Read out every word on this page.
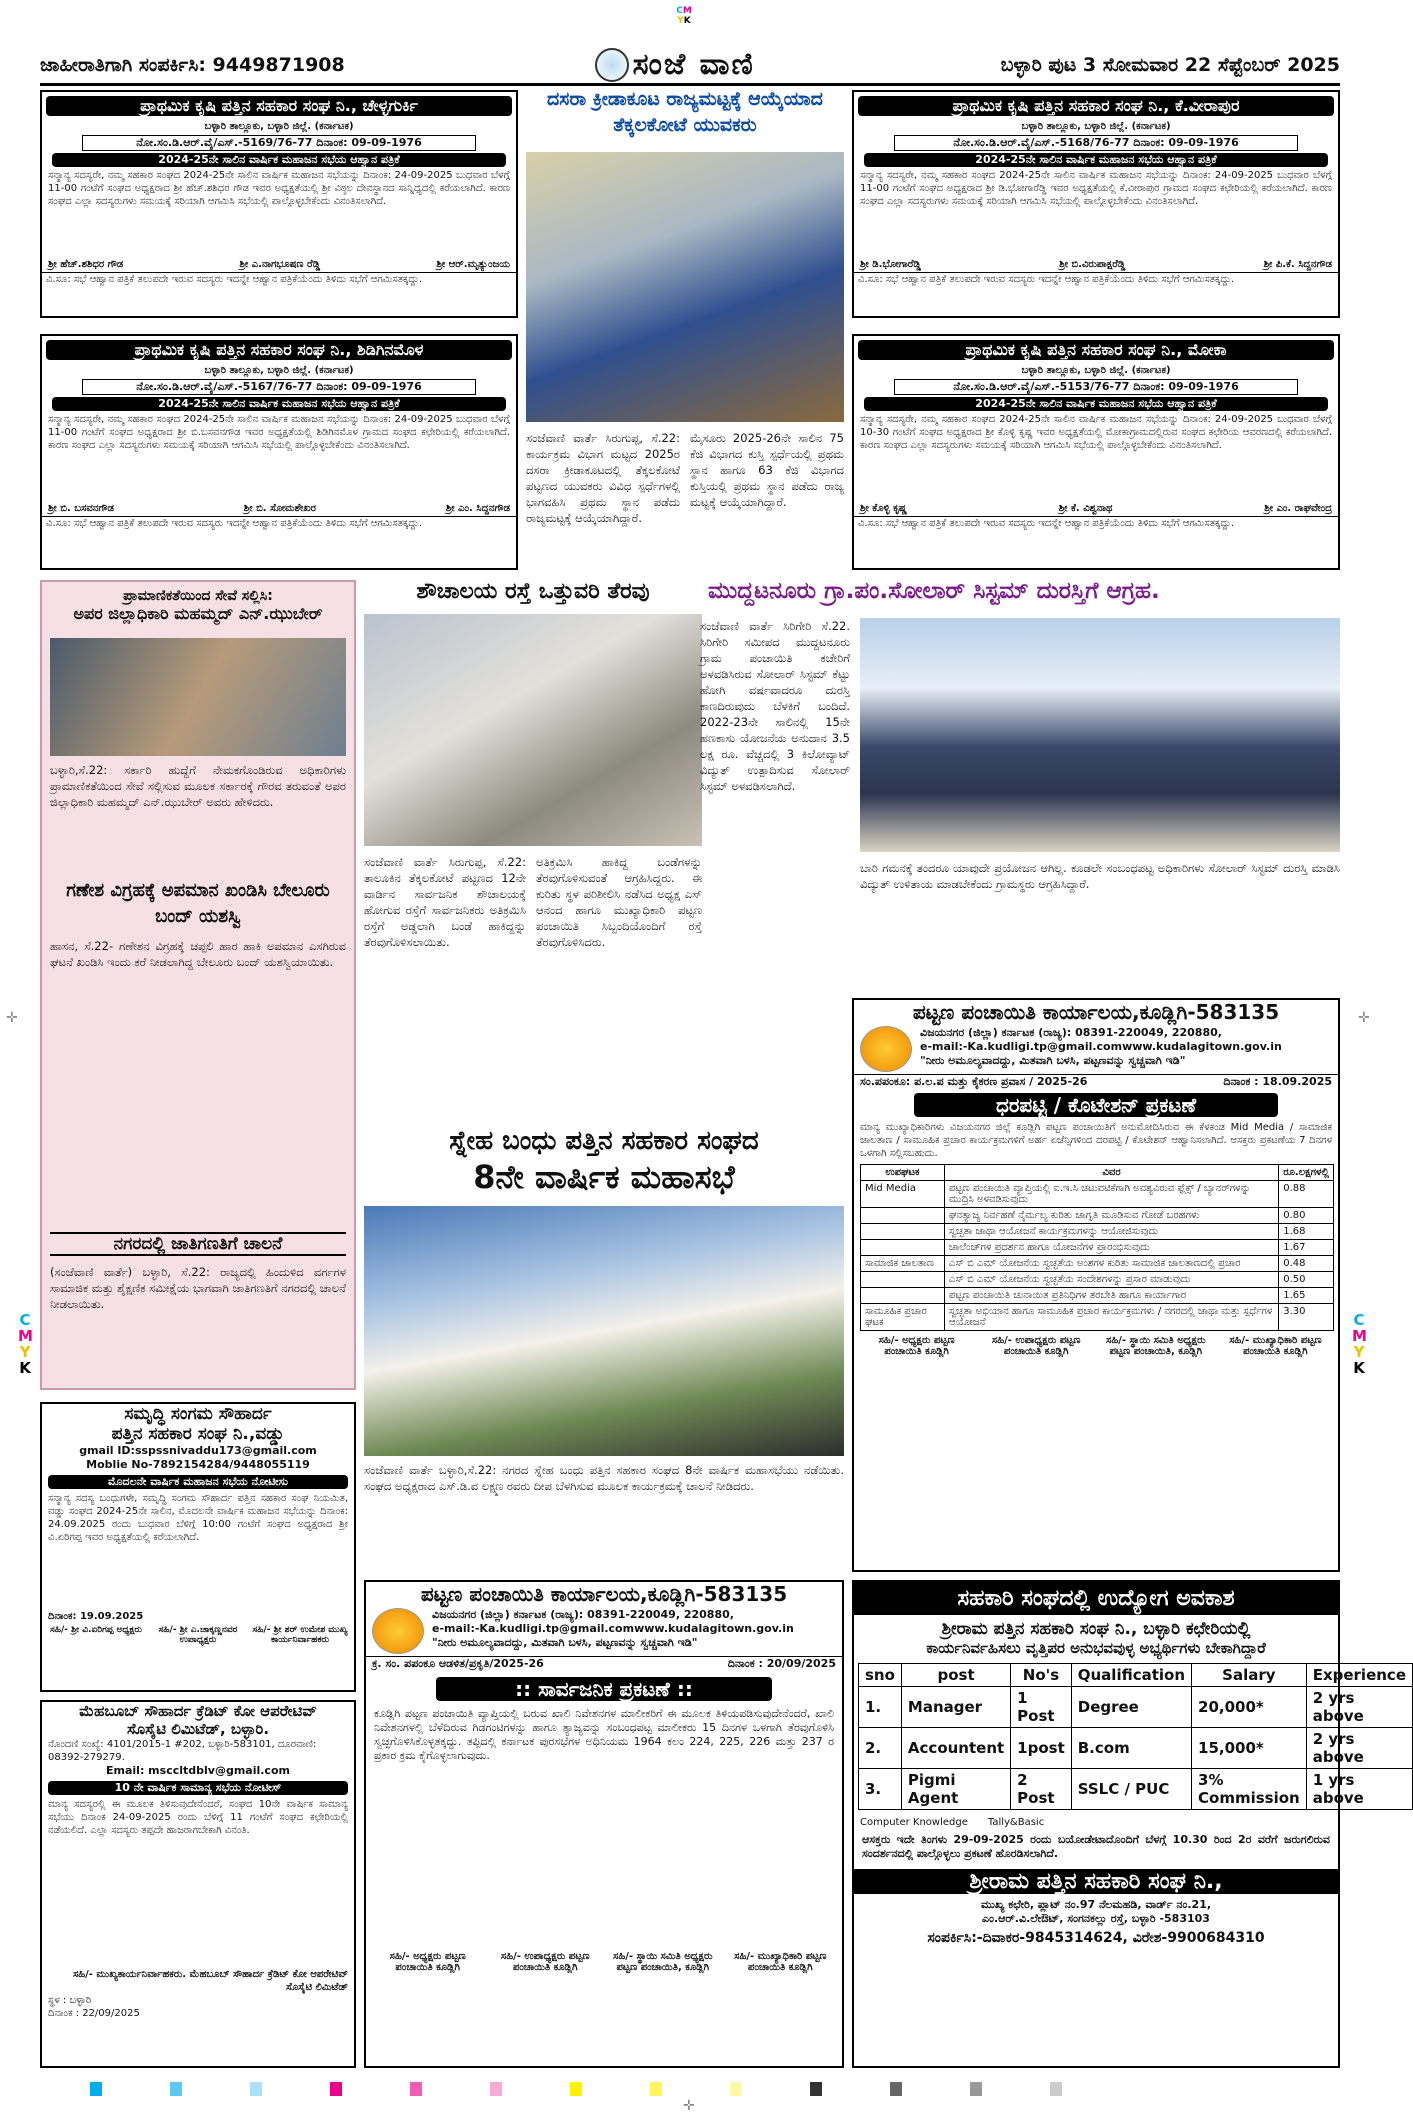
CM
YK
C
M
Y
K
C
M
Y
K
✛	✛
✛
ಜಾಹೀರಾತಿಗಾಗಿ ಸಂಪರ್ಕಿಸಿ: 9449871908	ಸಂಜೆ ವಾಣಿ	ಬಳ್ಳಾರಿ ಪುಟ 3 ಸೋಮವಾರ 22 ಸೆಪ್ಟೆಂಬರ್ 2025
ಪ್ರಾಥಮಿಕ ಕೃಷಿ ಪತ್ತಿನ ಸಹಕಾರ ಸಂಘ ನಿ., ಚೇಳ್ಳಗುರ್ಕಿ
ಬಳ್ಳಾರಿ ತಾಲ್ಲೂಕು, ಬಳ್ಳಾರಿ ಜಿಲ್ಲೆ. (ಕರ್ನಾಟಕ)
ನೋ.ಸಂ.ಡಿ.ಆರ್.ವೈ/ಎಸ್.-5169/76-77 ದಿನಾಂಕ: 09-09-1976
2024-25ನೇ ಸಾಲಿನ ವಾರ್ಷಿಕ ಮಹಾಜನ ಸಭೆಯ ಆಹ್ವಾನ ಪತ್ರಿಕೆ
ಸನ್ಮಾನ್ಯ ಸದಸ್ಯರೇ, ನಮ್ಮ ಸಹಕಾರ ಸಂಘದ 2024-25ನೇ ಸಾಲಿನ ವಾರ್ಷಿಕ ಮಹಾಜನ ಸಭೆಯನ್ನು ದಿನಾಂಕ: 24-09-2025 ಬುಧವಾರ ಬೆಳಗ್ಗೆ 11-00 ಗಂಟೆಗೆ ಸಂಘದ ಅಧ್ಯಕ್ಷರಾದ ಶ್ರೀ ಹೆಚ್.ಶಶಿಧರ ಗೌಡ ಇವರ ಅಧ್ಯಕ್ಷತೆಯಲ್ಲಿ ಶ್ರೀ ವಿಠ್ಠಲ ದೇವಸ್ಥಾನದ ಸಾನ್ನಿಧ್ಯದಲ್ಲಿ ಕರೆಯಲಾಗಿದೆ. ಕಾರಣ ಸಂಘದ ಎಲ್ಲಾ ಸದಸ್ಯರುಗಳು ಸಮಯಕ್ಕೆ ಸರಿಯಾಗಿ ಆಗಮಿಸಿ ಸಭೆಯಲ್ಲಿ ಪಾಲ್ಗೊಳ್ಳಬೇಕೆಂದು ವಿನಂತಿಸಲಾಗಿದೆ.
ಶ್ರೀ ಹೆಚ್.ಶಶಿಧರ ಗೌಡ	ಶ್ರೀ ಎ.ನಾಗಭೂಷಣ ರೆಡ್ಡಿ	ಶ್ರೀ ಆರ್.ಮೃತ್ಯುಂಜಯ
ವಿ.ಸೂ: ಸಭೆ ಆಹ್ವಾನ ಪತ್ರಿಕೆ ತಲುಪದೇ ಇರುವ ಸದಸ್ಯರು ಇದನ್ನೇ ಆಹ್ವಾನ ಪತ್ರಿಕೆಯೆಂದು ತಿಳಿದು ಸಭೆಗೆ ಆಗಮಿಸತಕ್ಕದ್ದು.
ಪ್ರಾಥಮಿಕ ಕೃಷಿ ಪತ್ತಿನ ಸಹಕಾರ ಸಂಘ ನಿ., ಕೆ.ವೀರಾಪುರ
ಬಳ್ಳಾರಿ ತಾಲ್ಲೂಕು, ಬಳ್ಳಾರಿ ಜಿಲ್ಲೆ. (ಕರ್ನಾಟಕ)
ನೋ.ಸಂ.ಡಿ.ಆರ್.ವೈ/ಎಸ್.-5168/76-77 ದಿನಾಂಕ: 09-09-1976
2024-25ನೇ ಸಾಲಿನ ವಾರ್ಷಿಕ ಮಹಾಜನ ಸಭೆಯ ಆಹ್ವಾನ ಪತ್ರಿಕೆ
ಸನ್ಮಾನ್ಯ ಸದಸ್ಯರೇ, ನಮ್ಮ ಸಹಕಾರ ಸಂಘದ 2024-25ನೇ ಸಾಲಿನ ವಾರ್ಷಿಕ ಮಹಾಜನ ಸಭೆಯನ್ನು ದಿನಾಂಕ: 24-09-2025 ಬುಧವಾರ ಬೆಳಗ್ಗೆ 11-00 ಗಂಟೆಗೆ ಸಂಘದ ಅಧ್ಯಕ್ಷರಾದ ಶ್ರೀ ಡಿ.ಭೋಗಾರೆಡ್ಡಿ ಇವರ ಅಧ್ಯಕ್ಷತೆಯಲ್ಲಿ ಕೆ.ವೀರಾಪುರ ಗ್ರಾಮದ ಸಂಘದ ಕಛೇರಿಯಲ್ಲಿ ಕರೆಯಲಾಗಿದೆ. ಕಾರಣ ಸಂಘದ ಎಲ್ಲಾ ಸದಸ್ಯರುಗಳು ಸಮಯಕ್ಕೆ ಸರಿಯಾಗಿ ಆಗಮಿಸಿ ಸಭೆಯಲ್ಲಿ ಪಾಲ್ಗೊಳ್ಳಬೇಕೆಂದು ವಿನಂತಿಸಲಾಗಿದೆ.
ಶ್ರೀ ಡಿ.ಭೋಗಾರೆಡ್ಡಿ	ಶ್ರೀ ಬಿ.ವಿರುಪಾಕ್ಷರೆಡ್ಡಿ	ಶ್ರೀ ಪಿ.ಕೆ. ಸಿದ್ದನಗೌಡ
ವಿ.ಸೂ: ಸಭೆ ಆಹ್ವಾನ ಪತ್ರಿಕೆ ತಲುಪದೇ ಇರುವ ಸದಸ್ಯರು ಇದನ್ನೇ ಆಹ್ವಾನ ಪತ್ರಿಕೆಯೆಂದು ತಿಳಿದು ಸಭೆಗೆ ಆಗಮಿಸತಕ್ಕದ್ದು.
ಪ್ರಾಥಮಿಕ ಕೃಷಿ ಪತ್ತಿನ ಸಹಕಾರ ಸಂಘ ನಿ., ಶಿಡಿಗಿನಮೊಳ
ಬಳ್ಳಾರಿ ತಾಲ್ಲೂಕು, ಬಳ್ಳಾರಿ ಜಿಲ್ಲೆ. (ಕರ್ನಾಟಕ)
ನೋ.ಸಂ.ಡಿ.ಆರ್.ವೈ/ಎಸ್.-5167/76-77 ದಿನಾಂಕ: 09-09-1976
2024-25ನೇ ಸಾಲಿನ ವಾರ್ಷಿಕ ಮಹಾಜನ ಸಭೆಯ ಆಹ್ವಾನ ಪತ್ರಿಕೆ
ಸನ್ಮಾನ್ಯ ಸದಸ್ಯರೇ, ನಮ್ಮ ಸಹಕಾರ ಸಂಘದ 2024-25ನೇ ಸಾಲಿನ ವಾರ್ಷಿಕ ಮಹಾಜನ ಸಭೆಯನ್ನು ದಿನಾಂಕ: 24-09-2025 ಬುಧವಾರ ಬೆಳಗ್ಗೆ 11-00 ಗಂಟೆಗೆ ಸಂಘದ ಅಧ್ಯಕ್ಷರಾದ ಶ್ರೀ ಬಿ.ಬಸವನಗೌಡ ಇವರ ಅಧ್ಯಕ್ಷತೆಯಲ್ಲಿ ಶಿಡಿಗಿನಮೊಳ ಗ್ರಾಮದ ಸಂಘದ ಕಛೇರಿಯಲ್ಲಿ ಕರೆಯಲಾಗಿದೆ. ಕಾರಣ ಸಂಘದ ಎಲ್ಲಾ ಸದಸ್ಯರುಗಳು ಸಮಯಕ್ಕೆ ಸರಿಯಾಗಿ ಆಗಮಿಸಿ ಸಭೆಯಲ್ಲಿ ಪಾಲ್ಗೊಳ್ಳಬೇಕೆಂದು ವಿನಂತಿಸಲಾಗಿದೆ.
ಶ್ರೀ ಬಿ. ಬಸವನಗೌಡ	ಶ್ರೀ ಬಿ. ಸೋಮಶೇಖರ	ಶ್ರೀ ಎಂ. ಸಿದ್ದನಗೌಡ
ವಿ.ಸೂ: ಸಭೆ ಆಹ್ವಾನ ಪತ್ರಿಕೆ ತಲುಪದೇ ಇರುವ ಸದಸ್ಯರು ಇದನ್ನೇ ಆಹ್ವಾನ ಪತ್ರಿಕೆಯೆಂದು ತಿಳಿದು ಸಭೆಗೆ ಆಗಮಿಸತಕ್ಕದ್ದು.
ಪ್ರಾಥಮಿಕ ಕೃಷಿ ಪತ್ತಿನ ಸಹಕಾರ ಸಂಘ ನಿ., ಮೋಕಾ
ಬಳ್ಳಾರಿ ತಾಲ್ಲೂಕು, ಬಳ್ಳಾರಿ ಜಿಲ್ಲೆ. (ಕರ್ನಾಟಕ)
ನೋ.ಸಂ.ಡಿ.ಆರ್.ವೈ/ಎಸ್.-5153/76-77 ದಿನಾಂಕ: 09-09-1976
2024-25ನೇ ಸಾಲಿನ ವಾರ್ಷಿಕ ಮಹಾಜನ ಸಭೆಯ ಆಹ್ವಾನ ಪತ್ರಿಕೆ
ಸನ್ಮಾನ್ಯ ಸದಸ್ಯರೇ, ನಮ್ಮ ಸಹಕಾರ ಸಂಘದ 2024-25ನೇ ಸಾಲಿನ ವಾರ್ಷಿಕ ಮಹಾಜನ ಸಭೆಯನ್ನು ದಿನಾಂಕ: 24-09-2025 ಬುಧವಾರ ಬೆಳಗ್ಗೆ 10-30 ಗಂಟೆಗೆ ಸಂಘದ ಅಧ್ಯಕ್ಷರಾದ ಶ್ರೀ ಕೊಳ್ಳಿ ಕೃಷ್ಣ ಇವರ ಅಧ್ಯಕ್ಷತೆಯಲ್ಲಿ ಮೋಕಾಗ್ರಾಮದಲ್ಲಿರುವ ಸಂಘದ ಕಛೇರಿಯ ಆವರಣದಲ್ಲಿ ಕರೆಯಲಾಗಿದೆ. ಕಾರಣ ಸಂಘದ ಎಲ್ಲಾ ಸದಸ್ಯರುಗಳು ಸಮಯಕ್ಕೆ ಸರಿಯಾಗಿ ಆಗಮಿಸಿ ಸಭೆಯಲ್ಲಿ ಪಾಲ್ಗೊಳ್ಳಬೇಕೆಂದು ವಿನಂತಿಸಲಾಗಿದೆ.
ಶ್ರೀ ಕೊಳ್ಳಿ ಕೃಷ್ಣ	ಶ್ರೀ ಕೆ. ವಿಶ್ವನಾಥ	ಶ್ರೀ ಎಂ. ರಾಘವೇಂದ್ರ
ವಿ.ಸೂ: ಸಭೆ ಆಹ್ವಾನ ಪತ್ರಿಕೆ ತಲುಪದೇ ಇರುವ ಸದಸ್ಯರು ಇದನ್ನೇ ಆಹ್ವಾನ ಪತ್ರಿಕೆಯೆಂದು ತಿಳಿದು ಸಭೆಗೆ ಆಗಮಿಸತಕ್ಕದ್ದು.
ದಸರಾ ಕ್ರೀಡಾಕೂಟ ರಾಜ್ಯಮಟ್ಟಕ್ಕೆ ಆಯ್ಕೆಯಾದ ತೆಕ್ಕಲಕೋಟೆ ಯುವಕರು
ಸಂಜೆವಾಣಿ ವಾರ್ತೆ ಸಿರುಗುಪ್ಪ, ಸೆ.22: ಕಾರ್ಯಕ್ರಮ ವಿಭಾಗ ಮಟ್ಟದ 2025ರ ದಸರಾ ಕ್ರೀಡಾಕೂಟದಲ್ಲಿ ತೆಕ್ಕಲಕೋಟೆ ಪಟ್ಟಣದ ಯುವಕರು ವಿವಿಧ ಸ್ಪರ್ಧೆಗಳಲ್ಲಿ ಭಾಗವಹಿಸಿ ಪ್ರಥಮ ಸ್ಥಾನ ಪಡೆದು ರಾಜ್ಯಮಟ್ಟಕ್ಕೆ ಆಯ್ಕೆಯಾಗಿದ್ದಾರೆ.
ಮೈಸೂರು 2025-26ನೇ ಸಾಲಿನ 75 ಕೆಜಿ ವಿಭಾಗದ ಕುಸ್ತಿ ಸ್ಪರ್ಧೆಯಲ್ಲಿ ಪ್ರಥಮ ಸ್ಥಾನ ಹಾಗೂ 63 ಕೆಜಿ ವಿಭಾಗದ ಕುಸ್ತಿಯಲ್ಲಿ ಪ್ರಥಮ ಸ್ಥಾನ ಪಡೆದು ರಾಜ್ಯ ಮಟ್ಟಕ್ಕೆ ಆಯ್ಕೆಯಾಗಿದ್ದಾರೆ.
ಪ್ರಾಮಾಣಿಕತೆಯಿಂದ ಸೇವೆ ಸಲ್ಲಿಸಿ:
ಅಪರ ಜಿಲ್ಲಾಧಿಕಾರಿ ಮಹಮ್ಮದ್ ಎನ್.ಝುಬೇರ್
ಬಳ್ಳಾರಿ,ಸೆ.22: ಸರ್ಕಾರಿ ಹುದ್ದೆಗೆ ನೇಮಕಗೊಂಡಿರುವ ಅಧಿಕಾರಿಗಳು ಪ್ರಾಮಾಣಿಕತೆಯಿಂದ ಸೇವೆ ಸಲ್ಲಿಸುವ ಮೂಲಕ ಸರ್ಕಾರಕ್ಕೆ ಗೌರವ ತರುವಂತೆ ಅಪರ ಜಿಲ್ಲಾಧಿಕಾರಿ ಮಹಮ್ಮದ್ ಎನ್.ಝುಬೇರ್ ಅವರು ಹೇಳಿದರು.
ಗಣೇಶ ವಿಗ್ರಹಕ್ಕೆ ಅಪಮಾನ ಖಂಡಿಸಿ ಬೇಲೂರು ಬಂದ್ ಯಶಸ್ವಿ
ಹಾಸನ, ಸೆ.22- ಗಣೇಶನ ವಿಗ್ರಹಕ್ಕೆ ಚಪ್ಪಲಿ ಹಾರ ಹಾಕಿ ಅಪಮಾನ ಎಸಗಿರುವ ಘಟನೆ ಖಂಡಿಸಿ ಇಂದು ಕರೆ ನೀಡಲಾಗಿದ್ದ ಬೇಲೂರು ಬಂದ್ ಯಶಸ್ವಿಯಾಯಿತು.
ನಗರದಲ್ಲಿ ಜಾತಿಗಣತಿಗೆ ಚಾಲನೆ
(ಸಂಜೆವಾಣಿ ವಾರ್ತೆ) ಬಳ್ಳಾರಿ, ಸೆ.22: ರಾಜ್ಯದಲ್ಲಿ ಹಿಂದುಳಿದ ವರ್ಗಗಳ ಸಾಮಾಜಿಕ ಮತ್ತು ಶೈಕ್ಷಣಿಕ ಸಮೀಕ್ಷೆಯ ಭಾಗವಾಗಿ ಜಾತಿಗಣತಿಗೆ ನಗರದಲ್ಲಿ ಚಾಲನೆ ನೀಡಲಾಯಿತು.
ಶೌಚಾಲಯ ರಸ್ತೆ ಒತ್ತುವರಿ ತೆರವು
ಸಂಜೆವಾಣಿ ವಾರ್ತೆ ಸಿರುಗುಪ್ಪ, ಸೆ.22: ತಾಲೂಕಿನ ತೆಕ್ಕಲಕೋಟೆ ಪಟ್ಟಣದ 12ನೇ ವಾರ್ಡಿನ ಸಾರ್ವಜನಿಕ ಶೌಚಾಲಯಕ್ಕೆ ಹೋಗುವ ರಸ್ತೆಗೆ ಸಾರ್ವಜನಿಕರು ಅತಿಕ್ರಮಿಸಿ ರಸ್ತೆಗೆ ಅಡ್ಡಲಾಗಿ ಬಂಡೆ ಹಾಕಿದ್ದನ್ನು ತೆರವುಗೊಳಿಸಲಾಯಿತು.
ಅತಿಕ್ರಮಿಸಿ ಹಾಕಿದ್ದ ಬಂಡೆಗಳನ್ನು ತೆರವುಗೊಳಿಸುವಂತೆ ಆಗ್ರಹಿಸಿದ್ದರು. ಈ ಕುರಿತು ಸ್ಥಳ ಪರಿಶೀಲಿಸಿ ನಡೆಸಿದ ಅಧ್ಯಕ್ಷ ಎಸ್ ಆನಂದ ಹಾಗೂ ಮುಖ್ಯಾಧಿಕಾರಿ ಪಟ್ಟಣ ಪಂಚಾಯಿತಿ ಸಿಬ್ಬಂದಿಯೊಂದಿಗೆ ರಸ್ತೆ ತೆರವುಗೊಳಿಸಿದರು.
ಮುದ್ದಟನೂರು ಗ್ರಾ.ಪಂ.ಸೋಲಾರ್ ಸಿಸ್ಟಮ್ ದುರಸ್ತಿಗೆ ಆಗ್ರಹ.
ಸಂಜೆವಾಣಿ ವಾರ್ತೆ ಸಿರಿಗೇರಿ ಸೆ.22. ಸಿರಿಗೇರಿ ಸಮೀಪದ ಮುದ್ದಟನೂರು ಗ್ರಾಮ ಪಂಚಾಯಿತಿ ಕಚೇರಿಗೆ ಅಳವಡಿಸಿರುವ ಸೋಲಾರ್ ಸಿಸ್ಟಮ್ ಕೆಟ್ಟು ಹೋಗಿ ವರ್ಷವಾದರೂ ದುರಸ್ತಿ ಕಾಣದಿರುವುದು ಬೆಳಕಿಗೆ ಬಂದಿದೆ. 2022-23ನೇ ಸಾಲಿನಲ್ಲಿ 15ನೇ ಹಣಕಾಸು ಯೋಜನೆಯ ಅನುದಾನ 3.5 ಲಕ್ಷ ರೂ. ವೆಚ್ಚದಲ್ಲಿ 3 ಕಿಲೋವ್ಯಾಟ್ ವಿದ್ಯುತ್ ಉತ್ಪಾದಿಸುವ ಸೋಲಾರ್ ಸಿಸ್ಟಮ್ ಅಳವಡಿಸಲಾಗಿದೆ.
ಬಾರಿ ಗಮನಕ್ಕೆ ತಂದರೂ ಯಾವುದೇ ಪ್ರಯೋಜನ ಆಗಿಲ್ಲ. ಕೂಡಲೇ ಸಂಬಂಧಪಟ್ಟ ಅಧಿಕಾರಿಗಳು ಸೋಲಾರ್ ಸಿಸ್ಟಮ್ ದುರಸ್ತಿ ಮಾಡಿಸಿ ವಿದ್ಯುತ್ ಉಳಿತಾಯ ಮಾಡಬೇಕೆಂದು ಗ್ರಾಮಸ್ಥರು ಆಗ್ರಹಿಸಿದ್ದಾರೆ.
ಪಟ್ಟಣ ಪಂಚಾಯಿತಿ ಕಾರ್ಯಾಲಯ,ಕೂಡ್ಲಿಗಿ-583135
ವಿಜಯನಗರ (ಜಿಲ್ಲಾ) ಕರ್ನಾಟಕ (ರಾಜ್ಯ): 08391-220049, 220880,
e-mail:-Ka.kudligi.tp@gmail.comwww.kudalagitown.gov.in
"ನೀರು ಅಮೂಲ್ಯವಾದದ್ದು, ಮಿತವಾಗಿ ಬಳಸಿ, ಪಟ್ಟಣವನ್ನು ಸ್ವಚ್ಚವಾಗಿ ಇಡಿ"
ಸಂ.ಪಪಂಕೂ: ಪ.ಲ.ಪ ಮತ್ತು ಕೈಕರಣ ಪ್ರವಾಸ / 2025-26	ದಿನಾಂಕ : 18.09.2025
ಧರಪಟ್ಟಿ / ಕೊಟೇಶನ್ ಪ್ರಕಟಣೆ
ಮಾನ್ಯ ಮುಖ್ಯಾಧಿಕಾರಿಗಳು ವಿಜಯನಗರ ಜಿಲ್ಲೆ ಕೂಡ್ಲಿಗಿ ಪಟ್ಟಣ ಪಂಚಾಯಿತಿಗೆ ಅನುಮೋದಿಸಿರುವ ಈ ಕೆಳಕಂಡ Mid Media / ಸಾಮಾಜಿಕ ಜಾಲತಾಣ / ಸಾಮೂಹಿಕ ಪ್ರಚಾರ ಕಾರ್ಯಕ್ರಮಗಳಿಗೆ ಅರ್ಹ ಏಜೆನ್ಸಿಗಳಿಂದ ದರಪಟ್ಟಿ / ಕೊಟೇಶನ್ ಆಹ್ವಾನಿಸಲಾಗಿದೆ. ಆಸಕ್ತರು ಪ್ರಕಟಣೆಯ 7 ದಿನಗಳ ಒಳಗಾಗಿ ಸಲ್ಲಿಸಬಹುದು.
ಉಪಘಟಕ	ವಿವರ	ರೂ.ಲಕ್ಷಗಳಲ್ಲಿ
Mid Media	ಪಟ್ಟಣ ಪಂಚಾಯಿತಿ ವ್ಯಾಪ್ತಿಯಲ್ಲಿ ಐ.ಇ.ಸಿ ಚಟುವಟಿಕೆಗಾಗಿ ಅವಶ್ಯವಿರುವ ಫ್ಲೆಕ್ಸ್ / ಬ್ಯಾನರ್‌ಗಳನ್ನು ಮುದ್ರಿಸಿ ಅಳವಡಿಸುವುದು	0.88
	ಘನತ್ಯಾಜ್ಯ ನಿರ್ವಹಣೆ ನೈರ್ಮಲ್ಯ ಕುರಿತು ಜಾಗೃತಿ ಮೂಡಿಸುವ ಗೋಡೆ ಬರಹಗಳು	0.80
	ಸ್ವಚ್ಛತಾ ಜಾಥಾ ಆಯೋಜನೆ ಕಾರ್ಯಕ್ರಮಗಳನ್ನು ಆಯೋಜಿಸುವುದು	1.68
	ಚಾಲೆಂಜ್‌ಗಳ ಪ್ರದರ್ಶನ ಹಾಗೂ ಯೋಜನೆಗಳ ಪ್ರಾರಂಭಿಸುವುದು	1.67
ಸಾಮಾಜಿಕ ಜಾಲತಾಣ	ಎಸ್ ಬಿ ಎಮ್ ಯೋಜನೆಯ ಸ್ವಚ್ಛತೆಯ ಅಂಶಗಳ ಕುರಿತು ಸಾಮಾಜಿಕ ಜಾಲತಾಣದಲ್ಲಿ ಪ್ರಚಾರ	0.48
	ಎಸ್ ಬಿ ಎಮ್ ಯೋಜನೆಯ ಸ್ವಚ್ಛತೆಯ ಸಂದೇಶಗಳನ್ನು ಪ್ರಸಾರ ಮಾಡುವುದು	0.50
	ಪಟ್ಟಣ ಪಂಚಾಯಿತಿ ಚುನಾಯಿತ ಪ್ರತಿನಿಧಿಗಳ ತರಬೇತಿ ಹಾಗೂ ಕಾರ್ಯಾಗಾರ	1.65
ಸಾಮೂಹಿಕ ಪ್ರಚಾರ ಘಟಕ	ಸ್ವಚ್ಛತಾ ಅಭಿಯಾನ ಹಾಗೂ ಸಾಮೂಹಿಕ ಪ್ರಚಾರ ಕಾರ್ಯಕ್ರಮಗಳು / ನಗರದಲ್ಲಿ ಜಾಥಾ ಮತ್ತು ಸ್ಪರ್ಧೆಗಳ ಆಯೋಜನೆ	3.30
ಸಹಿ/- ಅಧ್ಯಕ್ಷರು ಪಟ್ಟಣ ಪಂಚಾಯಿತಿ ಕೂಡ್ಲಿಗಿ
ಸಹಿ/- ಉಪಾಧ್ಯಕ್ಷರು ಪಟ್ಟಣ ಪಂಚಾಯಿತಿ ಕೂಡ್ಲಿಗಿ
ಸಹಿ/- ಸ್ಥಾಯಿ ಸಮಿತಿ ಅಧ್ಯಕ್ಷರು ಪಟ್ಟಣ ಪಂಚಾಯಿತಿ, ಕೂಡ್ಲಿಗಿ
ಸಹಿ/- ಮುಖ್ಯಾಧಿಕಾರಿ ಪಟ್ಟಣ ಪಂಚಾಯಿತಿ ಕೂಡ್ಲಿಗಿ
ಸ್ನೇಹ ಬಂಧು ಪತ್ತಿನ ಸಹಕಾರ ಸಂಘದ
8ನೇ ವಾರ್ಷಿಕ ಮಹಾಸಭೆ
ಸಂಜೆವಾಣಿ ವಾರ್ತೆ ಬಳ್ಳಾರಿ,ಸೆ.22: ನಗರದ ಸ್ನೇಹ ಬಂಧು ಪತ್ತಿನ ಸಹಕಾರ ಸಂಘದ 8ನೇ ವಾರ್ಷಿಕ ಮಹಾಸಭೆಯು ನಡೆಯಿತು. ಸಂಘದ ಅಧ್ಯಕ್ಷರಾದ ಎಸ್.ಡಿ.ವ ಲಕ್ಷ್ಮಣ ರವರು ದೀಪ ಬೆಳಗಿಸುವ ಮೂಲಕ ಕಾರ್ಯಕ್ರಮಕ್ಕೆ ಚಾಲನೆ ನೀಡಿದರು.
ಸಮೃದ್ಧಿ ಸಂಗಮ ಸೌಹಾರ್ದ
ಪತ್ತಿನ ಸಹಕಾರ ಸಂಘ ನಿ.,ವಡ್ಡು
gmail ID:sspssnivaddu173@gmail.com
Moblie No-7892154284/9448055119
ಮೊದಲನೇ ವಾರ್ಷಿಕ ಮಹಾಜನ ಸಭೆಯ ನೋಟೀಸು
ಸನ್ಮಾನ್ಯ ಸದಸ್ಯ ಬಂಧುಗಳೇ, ಸಮೃದ್ಧಿ ಸಂಗಮ ಸೌಹಾರ್ದ ಪತ್ತಿನ ಸಹಕಾರ ಸಂಘ ನಿಯಮಿತ, ವಡ್ಡು ಸಂಘದ 2024-25ನೇ ಸಾಲಿನ, ಮೊದಲನೇ ವಾರ್ಷಿಕ ಮಹಾಜನ ಸಭೆಯನ್ನು ದಿನಾಂಕ: 24.09.2025 ರಂದು ಬುಧವಾರ ಬೆಳಿಗ್ಗೆ 10:00 ಗಂಟೆಗೆ ಸಂಘದ ಅಧ್ಯಕ್ಷರಾದ ಶ್ರೀ ವಿ.ಏರಿಗಪ್ಪ ಇವರ ಅಧ್ಯಕ್ಷತೆಯಲ್ಲಿ ಕರೆಯಲಾಗಿದೆ.
ದಿನಾಂಕ: 19.09.2025
ಸಹಿ/- ಶ್ರೀ ವಿ.ಏರಿಗಪ್ಪ ಅಧ್ಯಕ್ಷರು	ಸಹಿ/- ಶ್ರೀ ಎ.ಚಾಕ್ಕಣ್ಣನವರ ಉಪಾಧ್ಯಕ್ಷರು
ಸಹಿ/- ಶ್ರೀ ಶರ್ ಉಮೇಶ ಮುಖ್ಯ ಕಾರ್ಯನಿರ್ವಾಹಕರು
ಮೆಹಬೂಬ್ ಸೌಹಾರ್ದ ಕ್ರೆಡಿಟ್ ಕೋ ಆಪರೇಟಿವ್
ಸೊಸೈಟಿ ಲಿಮಿಟೆಡ್, ಬಳ್ಳಾರಿ.
ನೊಂದಣಿ ಸಂಖ್ಯೆ: 4101/2015-1 #202, ಬಳ್ಳಾರಿ-583101, ದೂರವಾಣಿ: 08392-279279.
Email: msccltdblv@gmail.com
10 ನೇ ವಾರ್ಷಿಕ ಸಾಮಾನ್ಯ ಸಭೆಯ ನೋಟೀಸ್
ಮಾನ್ಯ ಸದಸ್ಯರಲ್ಲಿ ಈ ಮೂಲಕ ತಿಳಿಸುವುದೇನೆಂದರೆ, ಸಂಘದ 10ನೇ ವಾರ್ಷಿಕ ಸಾಮಾನ್ಯ ಸಭೆಯು ದಿನಾಂಕ 24-09-2025 ರಂದು ಬೆಳಿಗ್ಗೆ 11 ಗಂಟೆಗೆ ಸಂಘದ ಕಛೇರಿಯಲ್ಲಿ ನಡೆಯಲಿದೆ. ಎಲ್ಲಾ ಸದಸ್ಯರು ತಪ್ಪದೇ ಹಾಜರಾಗಬೇಕಾಗಿ ವಿನಂತಿ.
ಸಹಿ/- ಮುಖ್ಯಕಾರ್ಯನಿರ್ವಾಹಕರು. ಮೆಹಬೂಬ್ ಸೌಹಾರ್ದ ಕ್ರೆಡಿಟ್ ಕೋ ಆಪರೇಟಿವ್ ಸೊಸೈಟಿ ಲಿಮಿಟೆಡ್
ಸ್ಥಳ : ಬಳ್ಳಾರಿ
ದಿನಾಂಕ : 22/09/2025
ಪಟ್ಟಣ ಪಂಚಾಯಿತಿ ಕಾರ್ಯಾಲಯ,ಕೂಡ್ಲಿಗಿ-583135
ವಿಜಯನಗರ (ಜಿಲ್ಲಾ) ಕರ್ನಾಟಕ (ರಾಜ್ಯ): 08391-220049, 220880,
e-mail:-Ka.kudligi.tp@gmail.comwww.kudalagitown.gov.in
"ನೀರು ಅಮೂಲ್ಯವಾದದ್ದು, ಮಿತವಾಗಿ ಬಳಸಿ, ಪಟ್ಟಣವನ್ನು ಸ್ವಚ್ಚವಾಗಿ ಇಡಿ"
ಕ್ರ. ಸಂ. ಪಪಂಕೂ ಆಡಳಿತ/ಪ್ರಕೃತಿ/2025-26	ದಿನಾಂಕ : 20/09/2025
:: ಸಾರ್ವಜನಿಕ ಪ್ರಕಟಣೆ ::
ಕೂಡ್ಲಿಗಿ ಪಟ್ಟಣ ಪಂಚಾಯಿತಿ ವ್ಯಾಪ್ತಿಯಲ್ಲಿ ಬರುವ ಖಾಲಿ ನಿವೇಶನಗಳ ಮಾಲೀಕರಿಗೆ ಈ ಮೂಲಕ ತಿಳಿಯಪಡಿಸುವುದೇನೆಂದರೆ, ಖಾಲಿ ನಿವೇಶನಗಳಲ್ಲಿ ಬೆಳೆದಿರುವ ಗಿಡಗಂಟಿಗಳನ್ನು ಹಾಗೂ ತ್ಯಾಜ್ಯವನ್ನು ಸಂಬಂಧಪಟ್ಟ ಮಾಲೀಕರು 15 ದಿನಗಳ ಒಳಗಾಗಿ ತೆರವುಗೊಳಿಸಿ ಸ್ವಚ್ಛಗೊಳಿಸಿಕೊಳ್ಳತಕ್ಕದ್ದು. ತಪ್ಪಿದಲ್ಲಿ ಕರ್ನಾಟಕ ಪುರಸಭೆಗಳ ಅಧಿನಿಯಮ 1964 ಕಲಂ 224, 225, 226 ಮತ್ತು 237 ರ ಪ್ರಕಾರ ಕ್ರಮ ಕೈಗೊಳ್ಳಲಾಗುವುದು.
ಸಹಿ/- ಅಧ್ಯಕ್ಷರು ಪಟ್ಟಣ ಪಂಚಾಯಿತಿ ಕೂಡ್ಲಿಗಿ
ಸಹಿ/- ಉಪಾಧ್ಯಕ್ಷರು ಪಟ್ಟಣ ಪಂಚಾಯಿತಿ ಕೂಡ್ಲಿಗಿ
ಸಹಿ/- ಸ್ಥಾಯಿ ಸಮಿತಿ ಅಧ್ಯಕ್ಷರು ಪಟ್ಟಣ ಪಂಚಾಯಿತಿ, ಕೂಡ್ಲಿಗಿ
ಸಹಿ/- ಮುಖ್ಯಾಧಿಕಾರಿ ಪಟ್ಟಣ ಪಂಚಾಯಿತಿ ಕೂಡ್ಲಿಗಿ
ಸಹಕಾರಿ ಸಂಘದಲ್ಲಿ ಉದ್ಯೋಗ ಅವಕಾಶ
ಶ್ರೀರಾಮ ಪತ್ತಿನ ಸಹಕಾರಿ ಸಂಘ ನಿ., ಬಳ್ಳಾರಿ ಕಛೇರಿಯಲ್ಲಿ
ಕಾರ್ಯನಿರ್ವಹಿಸಲು ವೃತ್ತಿಪರ ಅನುಭವವುಳ್ಳ ಅಭ್ಯರ್ಥಿಗಳು ಬೇಕಾಗಿದ್ದಾರೆ
sno	post	No's	Qualification	Salary	Experience
1.	Manager	1 Post	Degree	20,000*	2 yrs above
2.	Accountent	1post	B.com	15,000*	2 yrs above
3.	Pigmi Agent	2 Post	SSLC / PUC	3% Commission	1 yrs above
Computer Knowledge Tally&Basic
ಆಸಕ್ತರು ಇದೇ ತಿಂಗಳು 29-09-2025 ರಂದು ಬಯೋಡೇಟಾದೊಂದಿಗೆ ಬೆಳಗ್ಗೆ 10.30 ರಿಂದ 2ರ ವರೆಗೆ ಜರುಗಲಿರುವ ಸಂದರ್ಶನದಲ್ಲಿ ಪಾಲ್ಗೊಳ್ಳಲು ಪ್ರಕಟಣೆ ಹೊರಡಿಸಲಾಗಿದೆ.
ಶ್ರೀರಾಮ ಪತ್ತಿನ ಸಹಕಾರಿ ಸಂಘ ನಿ.,
ಮುಖ್ಯ ಕಛೇರಿ, ಪ್ಲಾಟ್ ನಂ.97 ನೆಲಮಹಡಿ, ವಾರ್ಡ್ ನಂ.21,
ಎಂ.ಆರ್.ವಿ.ಲೇಔಟ್, ಸಂಗನಕಲ್ಲು ರಸ್ತೆ, ಬಳ್ಳಾರಿ -583103
ಸಂಪರ್ಕಿಸಿ:-ದಿವಾಕರ-9845314624, ವಿರೇಶ-9900684310
